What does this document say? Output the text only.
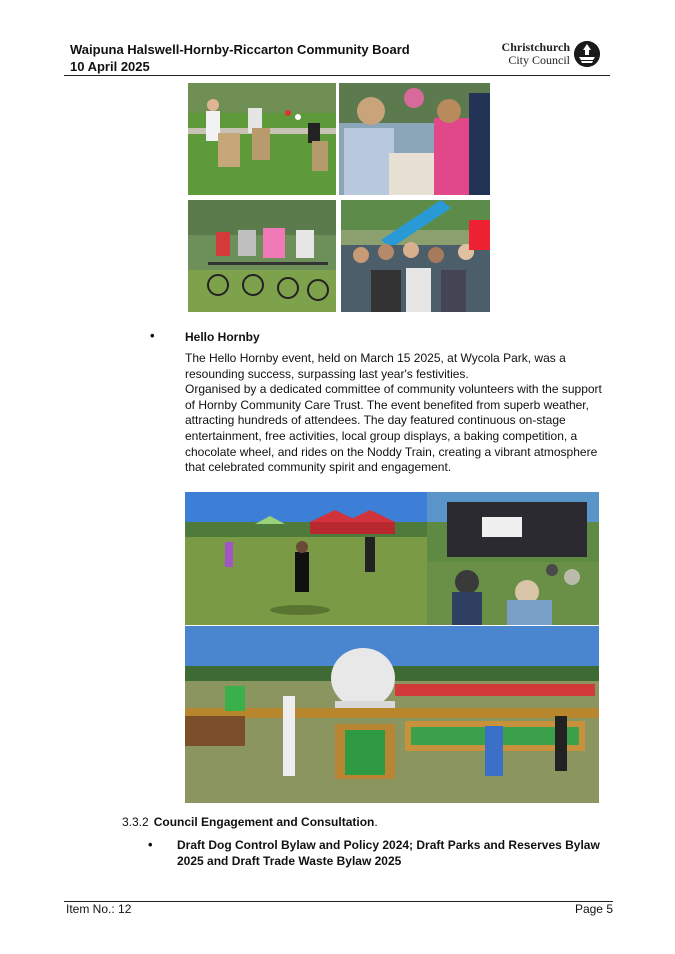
Waipuna Halswell-Hornby-Riccarton Community Board
10 April 2025
Christchurch
City Council
•	Hello Hornby

The Hello Hornby event, held on March 15 2025, at Wycola Park, was a resounding success, surpassing last year's festivities.

Organised by a dedicated committee of community volunteers with the support of Hornby Community Care Trust. The event benefited from superb weather, attracting hundreds of attendees. The day featured continuous on-stage entertainment, free activities, local group displays, a baking competition, a chocolate wheel, and rides on the Noddy Train, creating a vibrant atmosphere that celebrated community spirit and engagement.

3.3.2 Council Engagement and Consultation.
• Draft Dog Control Bylaw and Policy 2024; Draft Parks and Reserves Bylaw 2025 and Draft Trade Waste Bylaw 2025
Item No.: 12	Page 5
